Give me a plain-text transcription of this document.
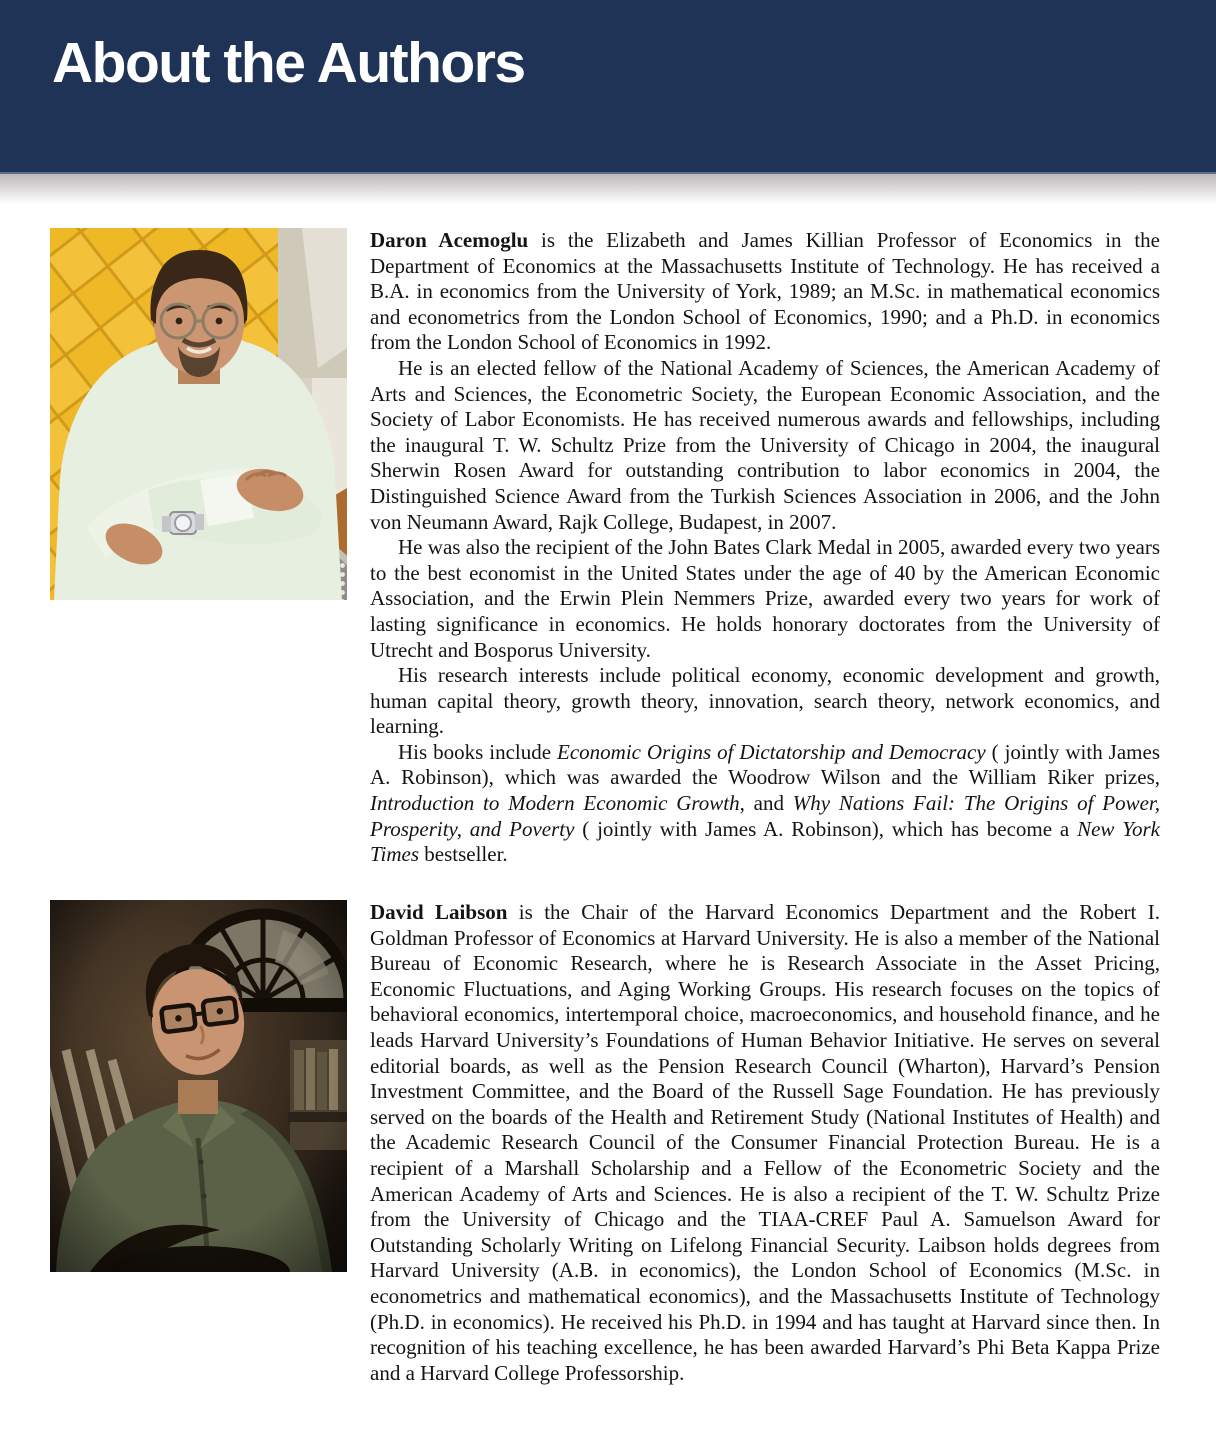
About the Authors

Daron Acemoglu is the Elizabeth and James Killian Professor of Economics in the Department of Economics at the Massachusetts Institute of Technology. He has received a B.A. in economics from the University of York, 1989; an M.Sc. in mathematical economics and econometrics from the London School of Economics, 1990; and a Ph.D. in economics from the London School of Economics in 1992.

He is an elected fellow of the National Academy of Sciences, the American Academy of Arts and Sciences, the Econometric Society, the European Economic Association, and the Society of Labor Economists. He has received numerous awards and fellowships, including the inaugural T. W. Schultz Prize from the University of Chicago in 2004, the inaugural Sherwin Rosen Award for outstanding contribution to labor economics in 2004, the Distinguished Science Award from the Turkish Sciences Association in 2006, and the John von Neumann Award, Rajk College, Budapest, in 2007.

He was also the recipient of the John Bates Clark Medal in 2005, awarded every two years to the best economist in the United States under the age of 40 by the American Economic Association, and the Erwin Plein Nemmers Prize, awarded every two years for work of lasting significance in economics. He holds honorary doctorates from the University of Utrecht and Bosporus University.

His research interests include political economy, economic development and growth, human capital theory, growth theory, innovation, search theory, network economics, and learning.

His books include Economic Origins of Dictatorship and Democracy ( jointly with James A. Robinson), which was awarded the Woodrow Wilson and the William Riker prizes, Introduction to Modern Economic Growth, and Why Nations Fail: The Origins of Power, Prosperity, and Poverty ( jointly with James A. Robinson), which has become a New York Times bestseller.

David Laibson is the Chair of the Harvard Economics Department and the Robert I. Goldman Professor of Economics at Harvard University. He is also a member of the National Bureau of Economic Research, where he is Research Associate in the Asset Pricing, Economic Fluctuations, and Aging Working Groups. His research focuses on the topics of behavioral economics, intertemporal choice, macroeconomics, and household finance, and he leads Harvard University’s Foundations of Human Behavior Initiative. He serves on several editorial boards, as well as the Pension Research Council (Wharton), Harvard’s Pension Investment Committee, and the Board of the Russell Sage Foundation. He has previously served on the boards of the Health and Retirement Study (National Institutes of Health) and the Academic Research Council of the Consumer Financial Protection Bureau. He is a recipient of a Marshall Scholarship and a Fellow of the Econometric Society and the American Academy of Arts and Sciences. He is also a recipient of the T. W. Schultz Prize from the University of Chicago and the TIAA-CREF Paul A. Samuelson Award for Outstanding Scholarly Writing on Lifelong Financial Security. Laibson holds degrees from Harvard University (A.B. in economics), the London School of Economics (M.Sc. in econometrics and mathematical economics), and the Massachusetts Institute of Technology (Ph.D. in economics). He received his Ph.D. in 1994 and has taught at Harvard since then. In recognition of his teaching excellence, he has been awarded Harvard’s Phi Beta Kappa Prize and a Harvard College Professorship.
